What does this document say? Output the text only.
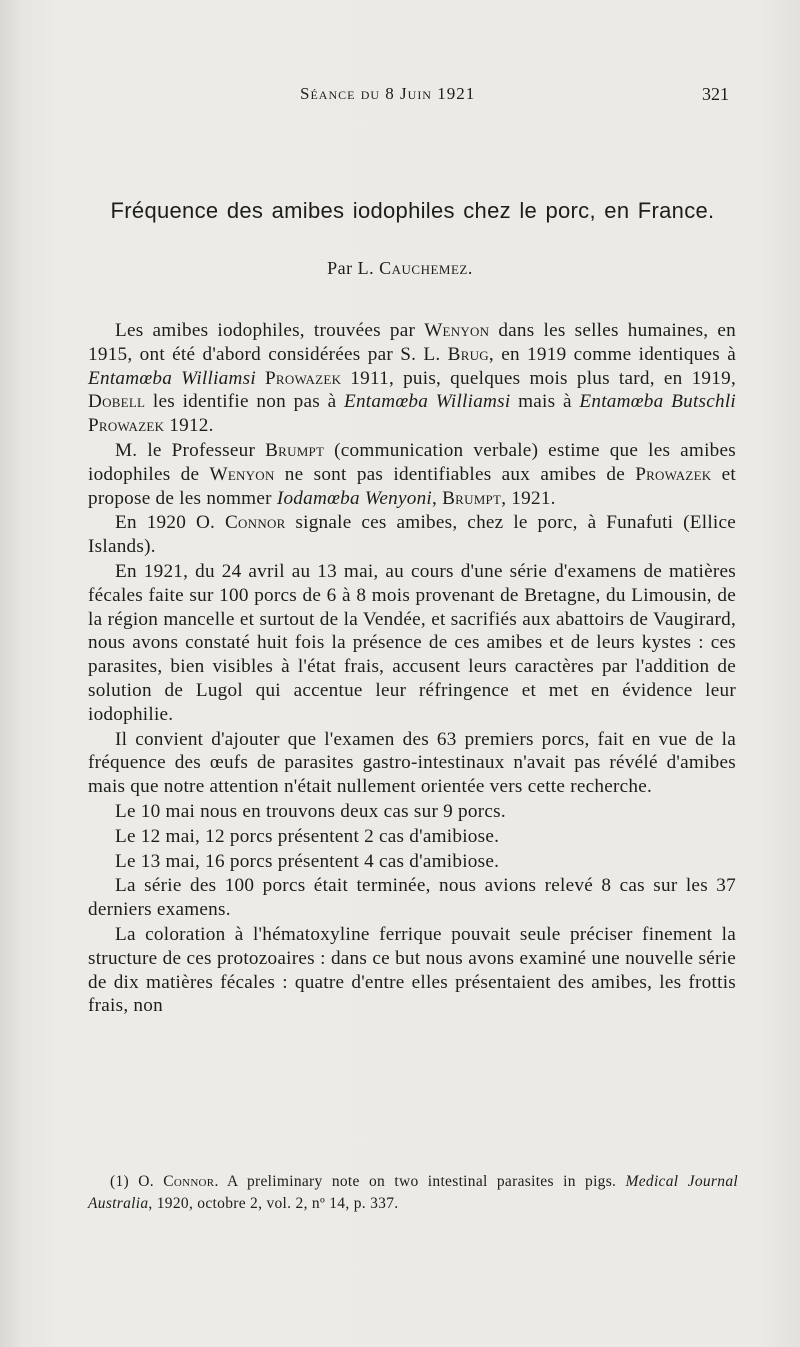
Séance du 8 Juin 1921	321
Fréquence des amibes iodophiles chez le porc, en France.
Par L. Cauchemez.

Les amibes iodophiles, trouvées par Wenyon dans les selles humaines, en 1915, ont été d'abord considérées par S. L. Brug, en 1919 comme identiques à Entamœba Williamsi Prowazek 1911, puis, quelques mois plus tard, en 1919, Dobell les identifie non pas à Entamœba Williamsi mais à Entamœba Butschli Prowazek 1912.

M. le Professeur Brumpt (communication verbale) estime que les amibes iodophiles de Wenyon ne sont pas identifiables aux amibes de Prowazek et propose de les nommer Iodamœba Wenyoni, Brumpt, 1921.

En 1920 O. Connor signale ces amibes, chez le porc, à Funafuti (Ellice Islands).

En 1921, du 24 avril au 13 mai, au cours d'une série d'examens de matières fécales faite sur 100 porcs de 6 à 8 mois provenant de Bretagne, du Limousin, de la région mancelle et surtout de la Vendée, et sacrifiés aux abattoirs de Vaugirard, nous avons constaté huit fois la présence de ces amibes et de leurs kystes : ces parasites, bien visibles à l'état frais, accusent leurs caractères par l'addition de solution de Lugol qui accentue leur réfringence et met en évidence leur iodophilie.

Il convient d'ajouter que l'examen des 63 premiers porcs, fait en vue de la fréquence des œufs de parasites gastro-intestinaux n'avait pas révélé d'amibes mais que notre attention n'était nullement orientée vers cette recherche.

Le 10 mai nous en trouvons deux cas sur 9 porcs.

Le 12 mai, 12 porcs présentent 2 cas d'amibiose.

Le 13 mai, 16 porcs présentent 4 cas d'amibiose.

La série des 100 porcs était terminée, nous avions relevé 8 cas sur les 37 derniers examens.

La coloration à l'hématoxyline ferrique pouvait seule préciser finement la structure de ces protozoaires : dans ce but nous avons examiné une nouvelle série de dix matières fécales : quatre d'entre elles présentaient des amibes, les frottis frais, non

(1) O. Connor. A preliminary note on two intestinal parasites in pigs. Medical Journal Australia, 1920, octobre 2, vol. 2, nº 14, p. 337.
